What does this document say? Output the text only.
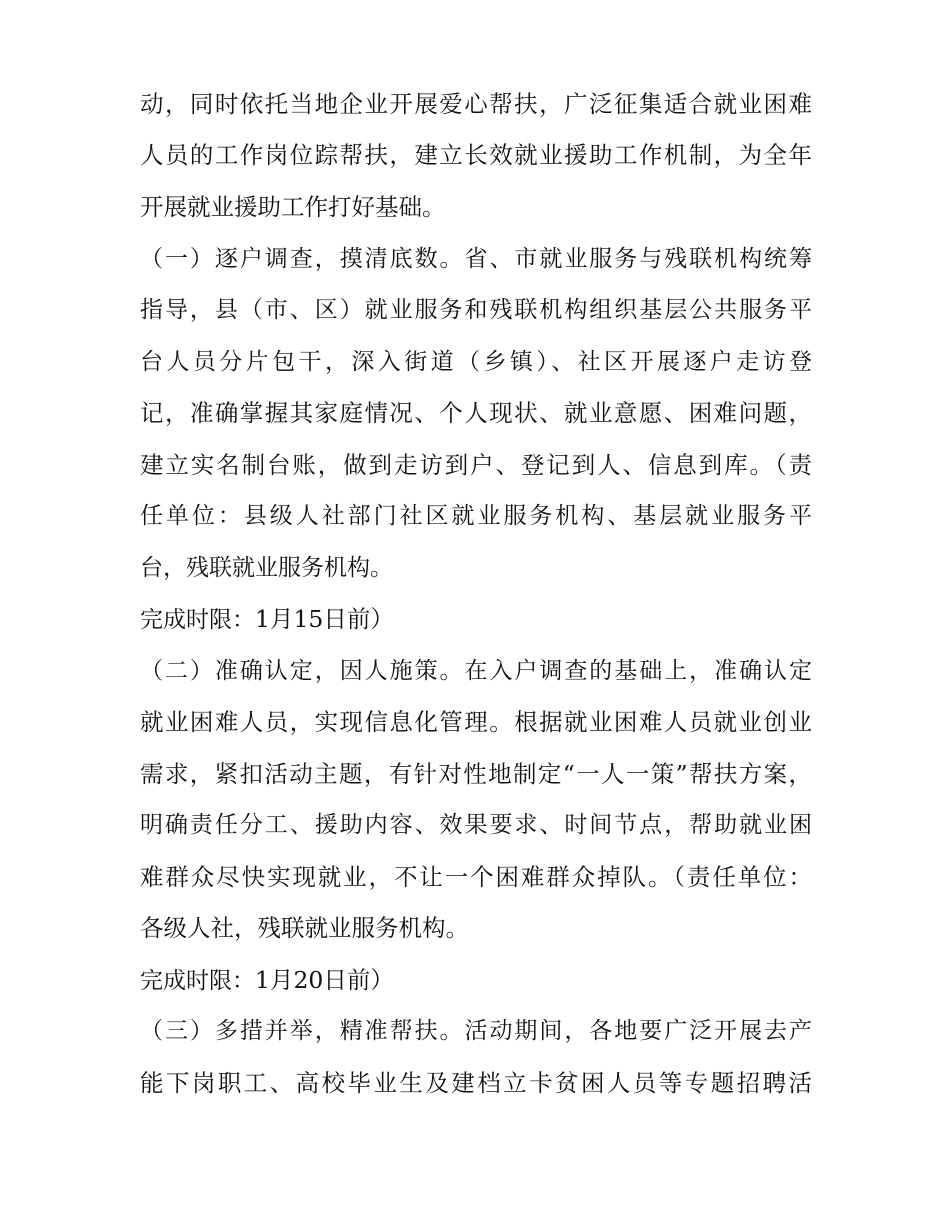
动，同时依托当地企业开展爱心帮扶，广泛征集适合就业困难
人员的工作岗位踪帮扶，建立长效就业援助工作机制，为全年
开展就业援助工作打好基础。
（一）逐户调查，摸清底数。省、市就业服务与残联机构统筹
指导，县（市、区）就业服务和残联机构组织基层公共服务平
台人员分片包干，深入街道（乡镇）、社区开展逐户走访登
记，准确掌握其家庭情况、个人现状、就业意愿、困难问题，
建立实名制台账，做到走访到户、登记到人、信息到库。（责
任单位：县级人社部门社区就业服务机构、基层就业服务平
台，残联就业服务机构。
完成时限：1月15日前）
（二）准确认定，因人施策。在入户调查的基础上，准确认定
就业困难人员，实现信息化管理。根据就业困难人员就业创业
需求，紧扣活动主题，有针对性地制定“一人一策”帮扶方案，
明确责任分工、援助内容、效果要求、时间节点，帮助就业困
难群众尽快实现就业，不让一个困难群众掉队。（责任单位：
各级人社，残联就业服务机构。
完成时限：1月20日前）
（三）多措并举，精准帮扶。活动期间，各地要广泛开展去产
能下岗职工、高校毕业生及建档立卡贫困人员等专题招聘活
